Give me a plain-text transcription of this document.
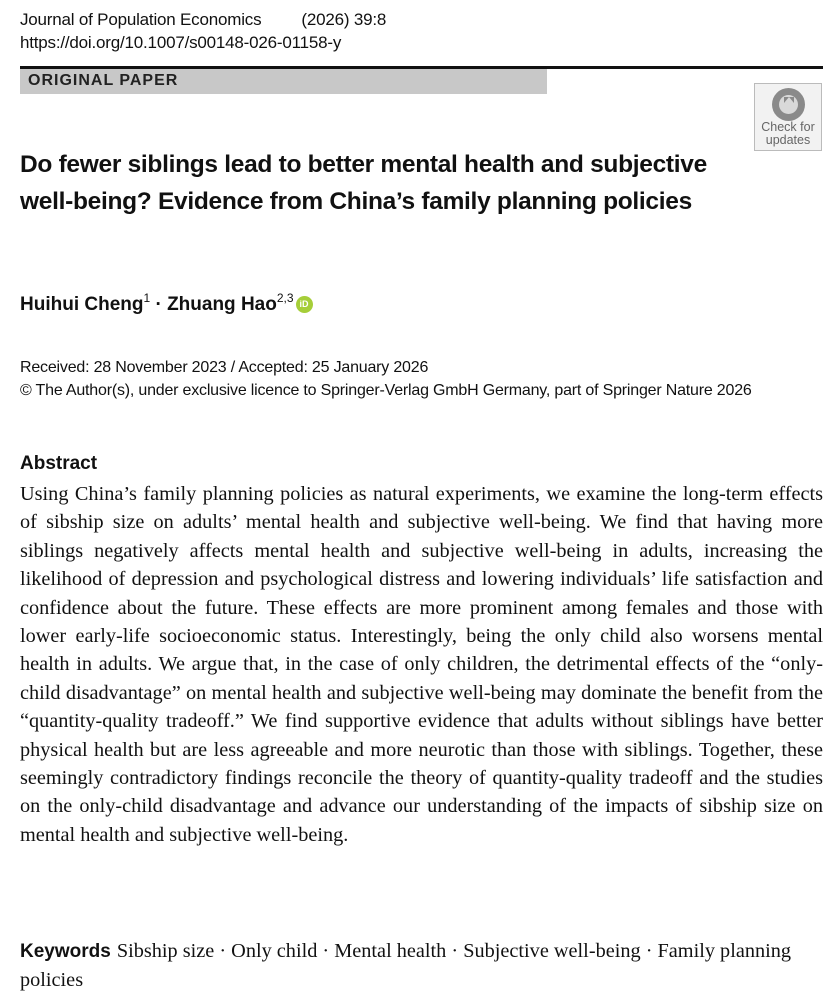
Journal of Population Economics (2026) 39:8
https://doi.org/10.1007/s00148-026-01158-y
ORIGINAL PAPER
Check for
updates
Do fewer siblings lead to better mental health and subjective well-being? Evidence from China’s family planning policies
Huihui Cheng$^1$ · Zhuang Hao$^{2,3}$ iD
Received: 28 November 2023 / Accepted: 25 January 2026
© The Author(s), under exclusive licence to Springer-Verlag GmbH Germany, part of Springer Nature 2026
Abstract
Using China’s family planning policies as natural experiments, we examine the long-term effects of sibship size on adults’ mental health and subjective well-being. We find that having more siblings negatively affects mental health and subjective well-being in adults, increasing the likelihood of depression and psychological distress and lowering individuals’ life satisfaction and confidence about the future. These effects are more prominent among females and those with lower early-life socioeconomic status. Interestingly, being the only child also worsens mental health in adults. We argue that, in the case of only children, the detrimental effects of the “only-child disadvantage” on mental health and subjective well-being may dominate the benefit from the “quantity-quality tradeoff.” We find supportive evidence that adults without siblings have better physical health but are less agreeable and more neurotic than those with siblings. Together, these seemingly contradictory findings reconcile the theory of quantity-quality tradeoff and the studies on the only-child disadvantage and advance our understanding of the impacts of sibship size on mental health and subjective well-being.
Keywords Sibship size · Only child · Mental health · Subjective well-being · Family planning policies
